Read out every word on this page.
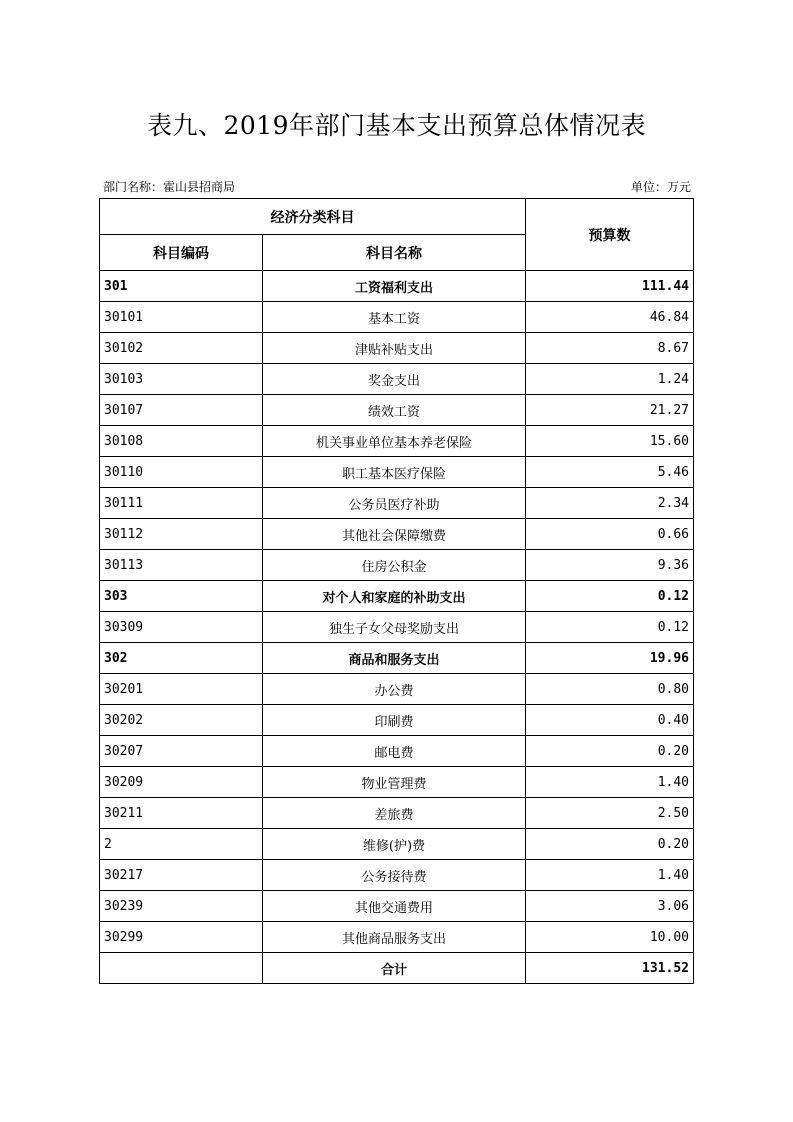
表九、2019年部门基本支出预算总体情况表
部门名称：霍山县招商局	单位：万元
经济分类科目		预算数
科目编码	科目名称	
301	工资福利支出	111.44
30101	基本工资	46.84
30102	津贴补贴支出	8.67
30103	奖金支出	1.24
30107	绩效工资	21.27
30108	机关事业单位基本养老保险	15.60
30110	职工基本医疗保险	5.46
30111	公务员医疗补助	2.34
30112	其他社会保障缴费	0.66
30113	住房公积金	9.36
303	对个人和家庭的补助支出	0.12
30309	独生子女父母奖励支出	0.12
302	商品和服务支出	19.96
30201	办公费	0.80
30202	印刷费	0.40
30207	邮电费	0.20
30209	物业管理费	1.40
30211	差旅费	2.50
2	维修(护)费	0.20
30217	公务接待费	1.40
30239	其他交通费用	3.06
30299	其他商品服务支出	10.00
	合计	131.52
